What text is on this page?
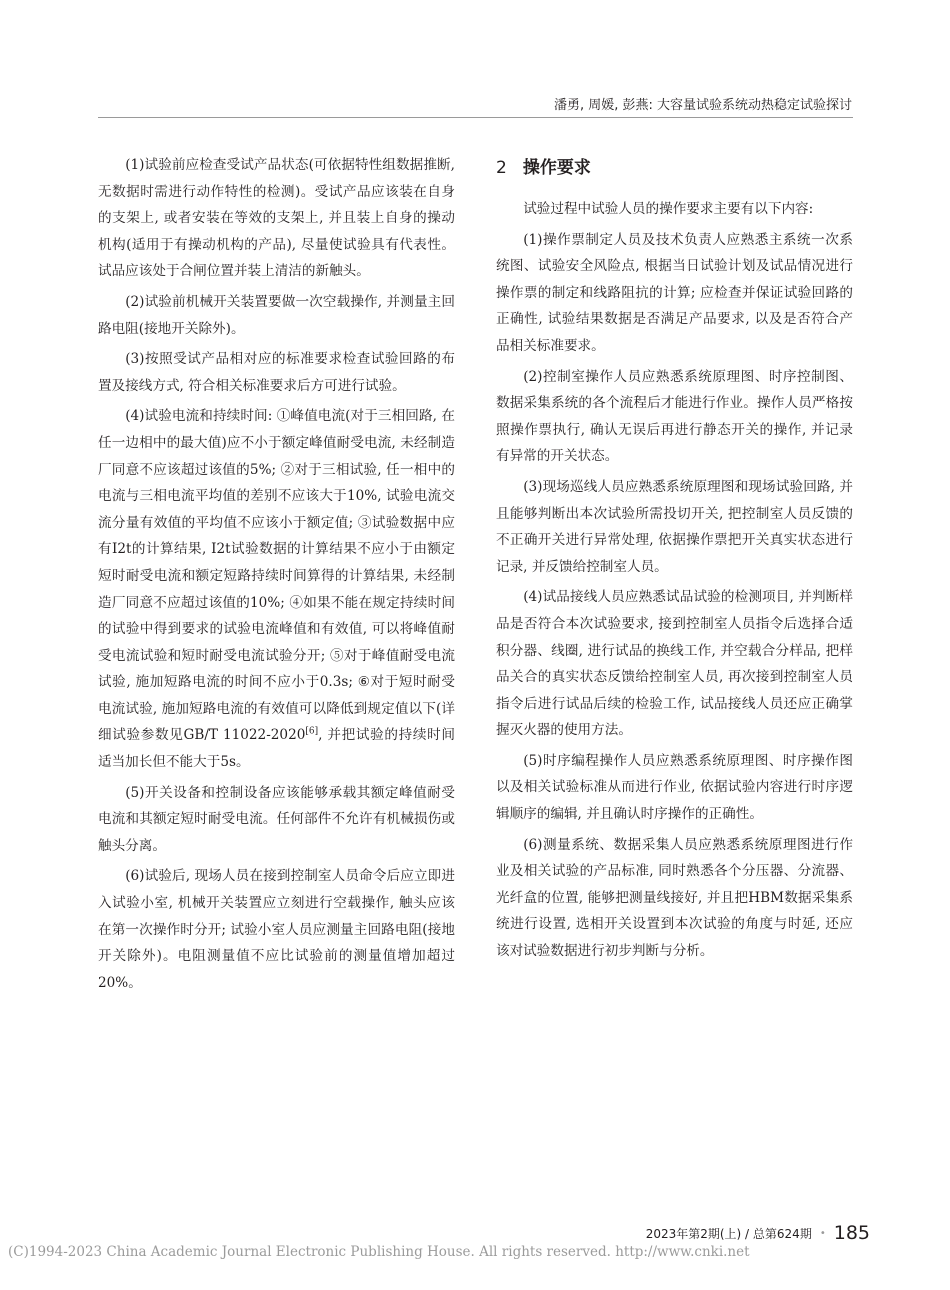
潘勇, 周媛, 彭燕: 大容量试验系统动热稳定试验探讨

(1)试验前应检查受试产品状态(可依据特性组数据推断, 无数据时需进行动作特性的检测)。受试产品应该装在自身的支架上, 或者安装在等效的支架上, 并且装上自身的操动机构(适用于有操动机构的产品), 尽量使试验具有代表性。试品应该处于合闸位置并装上清洁的新触头。

(2)试验前机械开关装置要做一次空载操作, 并测量主回路电阻(接地开关除外)。

(3)按照受试产品相对应的标准要求检查试验回路的布置及接线方式, 符合相关标准要求后方可进行试验。

(4)试验电流和持续时间: ①峰值电流(对于三相回路, 在任一边相中的最大值)应不小于额定峰值耐受电流, 未经制造厂同意不应该超过该值的5%; ②对于三相试验, 任一相中的电流与三相电流平均值的差别不应该大于10%, 试验电流交流分量有效值的平均值不应该小于额定值; ③试验数据中应有I2t的计算结果, I2t试验数据的计算结果不应小于由额定短时耐受电流和额定短路持续时间算得的计算结果, 未经制造厂同意不应超过该值的10%; ④如果不能在规定持续时间的试验中得到要求的试验电流峰值和有效值, 可以将峰值耐受电流试验和短时耐受电流试验分开; ⑤对于峰值耐受电流试验, 施加短路电流的时间不应小于0.3s; ⑥对于短时耐受电流试验, 施加短路电流的有效值可以降低到规定值以下(详细试验参数见GB/T 11022-2020[6], 并把试验的持续时间适当加长但不能大于5s。

(5)开关设备和控制设备应该能够承载其额定峰值耐受电流和其额定短时耐受电流。任何部件不允许有机械损伤或触头分离。

(6)试验后, 现场人员在接到控制室人员命令后应立即进入试验小室, 机械开关装置应立刻进行空载操作, 触头应该在第一次操作时分开; 试验小室人员应测量主回路电阻(接地开关除外)。电阻测量值不应比试验前的测量值增加超过20%。

2 操作要求

试验过程中试验人员的操作要求主要有以下内容:

(1)操作票制定人员及技术负责人应熟悉主系统一次系统图、试验安全风险点, 根据当日试验计划及试品情况进行操作票的制定和线路阻抗的计算; 应检查并保证试验回路的正确性, 试验结果数据是否满足产品要求, 以及是否符合产品相关标准要求。

(2)控制室操作人员应熟悉系统原理图、时序控制图、数据采集系统的各个流程后才能进行作业。操作人员严格按照操作票执行, 确认无误后再进行静态开关的操作, 并记录有异常的开关状态。

(3)现场巡线人员应熟悉系统原理图和现场试验回路, 并且能够判断出本次试验所需投切开关, 把控制室人员反馈的不正确开关进行异常处理, 依据操作票把开关真实状态进行记录, 并反馈给控制室人员。

(4)试品接线人员应熟悉试品试验的检测项目, 并判断样品是否符合本次试验要求, 接到控制室人员指令后选择合适积分器、线圈, 进行试品的换线工作, 并空载合分样品, 把样品关合的真实状态反馈给控制室人员, 再次接到控制室人员指令后进行试品后续的检验工作, 试品接线人员还应正确掌握灭火器的使用方法。

(5)时序编程操作人员应熟悉系统原理图、时序操作图以及相关试验标准从而进行作业, 依据试验内容进行时序逻辑顺序的编辑, 并且确认时序操作的正确性。

(6)测量系统、数据采集人员应熟悉系统原理图进行作业及相关试验的产品标准, 同时熟悉各个分压器、分流器、光纤盒的位置, 能够把测量线接好, 并且把HBM数据采集系统进行设置, 选相开关设置到本次试验的角度与时延, 还应该对试验数据进行初步判断与分析。

2023年第2期(上) / 总第624期 • 185
(C)1994-2023 China Academic Journal Electronic Publishing House. All rights reserved. http://www.cnki.net
